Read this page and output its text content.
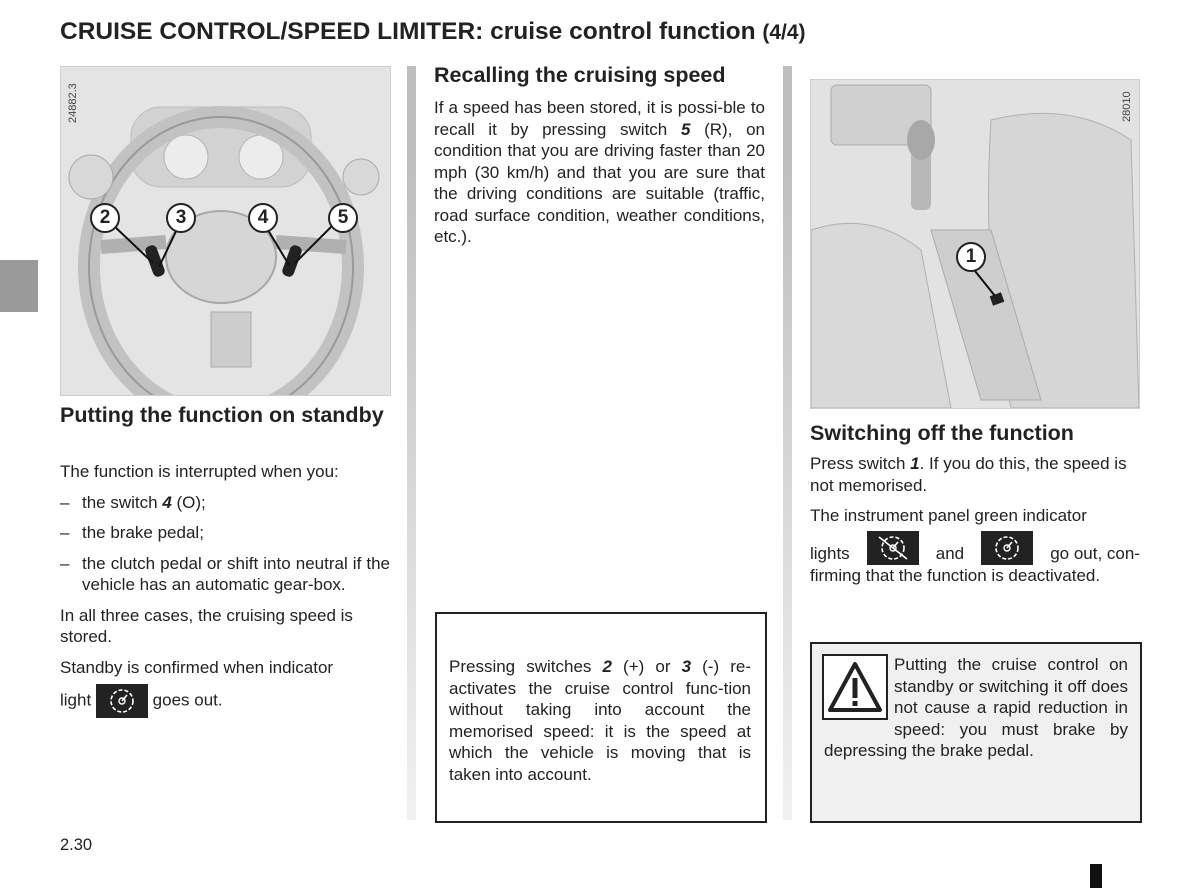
CRUISE CONTROL/SPEED LIMITER: cruise control function (4/4)
24882.3
2	3	4	5
Putting the function on standby

The function is interrupted when you:

– the switch 4 (O);
– the brake pedal;
– the clutch pedal or shift into neutral if the vehicle has an automatic gear-box.

In all three cases, the cruising speed is stored.

Standby is confirmed when indicator

light	goes out.

2.30
Recalling the cruising speed
If a speed has been stored, it is possi-ble to recall it by pressing switch 5 (R), on condition that you are driving faster than 20 mph (30 km/h) and that you are sure that the driving conditions are suitable (traffic, road surface condition, weather conditions, etc.).
Pressing switches 2 (+) or 3 (-) re-activates the cruise control func-tion without taking into account the memorised speed: it is the speed at which the vehicle is moving that is taken into account.
28010
1
Switching off the function

Press switch 1. If you do this, the speed is not memorised.

The instrument panel green indicator

lights	and	go out, con-

firming that the function is deactivated.

Putting the cruise control on standby or switching it off does not cause a rapid reduction in speed: you must brake by depressing the brake pedal.
